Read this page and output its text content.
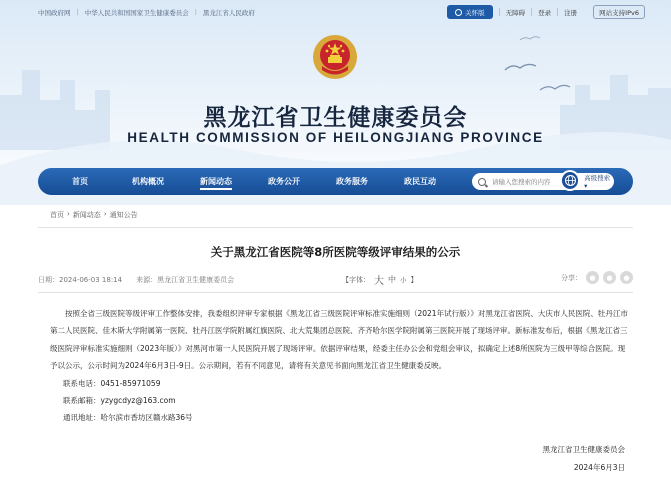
黑龙江省卫生健康委员会
HEALTH COMMISSION OF HEILONGJIANG PROVINCE
中国政府网 | 中华人民共和国国家卫生健康委员会 | 黑龙江省人民政府	关怀版	无障碍 登录 注册	网站支持IPv6
首页	机构概况	新闻动态	政务公开	政务服务	政民互动
请输入您搜索的内容	高级搜索 ▾
首页 › 新闻动态 › 通知公告
关于黑龙江省医院等8所医院等级评审结果的公示
日期：2024-06-03 18:14 来源：黑龙江省卫生健康委员会	【字体： 大 中 小 】	分享：	●	●	●

按照全省三级医院等级评审工作整体安排，我委组织评审专家根据《黑龙江省三级医院评审标准实施细则（2021年试行版）》对黑龙江省医院、大庆市人民医院、牡丹江市第二人民医院、佳木斯大学附属第一医院、牡丹江医学院附属红旗医院、北大荒集团总医院、齐齐哈尔医学院附属第三医院开展了现场评审。新标准发布后，根据《黑龙江省三级医院评审标准实施细则（2023年版）》对黑河市第一人民医院开展了现场评审。依据评审结果，经委主任办公会和党组会审议，拟确定上述8所医院为三级甲等综合医院。现予以公示，公示时间为2024年6月3日-9日。公示期间，若有不同意见，请将有关意见书面向黑龙江省卫生健康委反映。

联系电话：0451-85971059

联系邮箱：yzygcdyz@163.com

通讯地址：哈尔滨市香坊区赣水路36号

黑龙江省卫生健康委员会
2024年6月3日
